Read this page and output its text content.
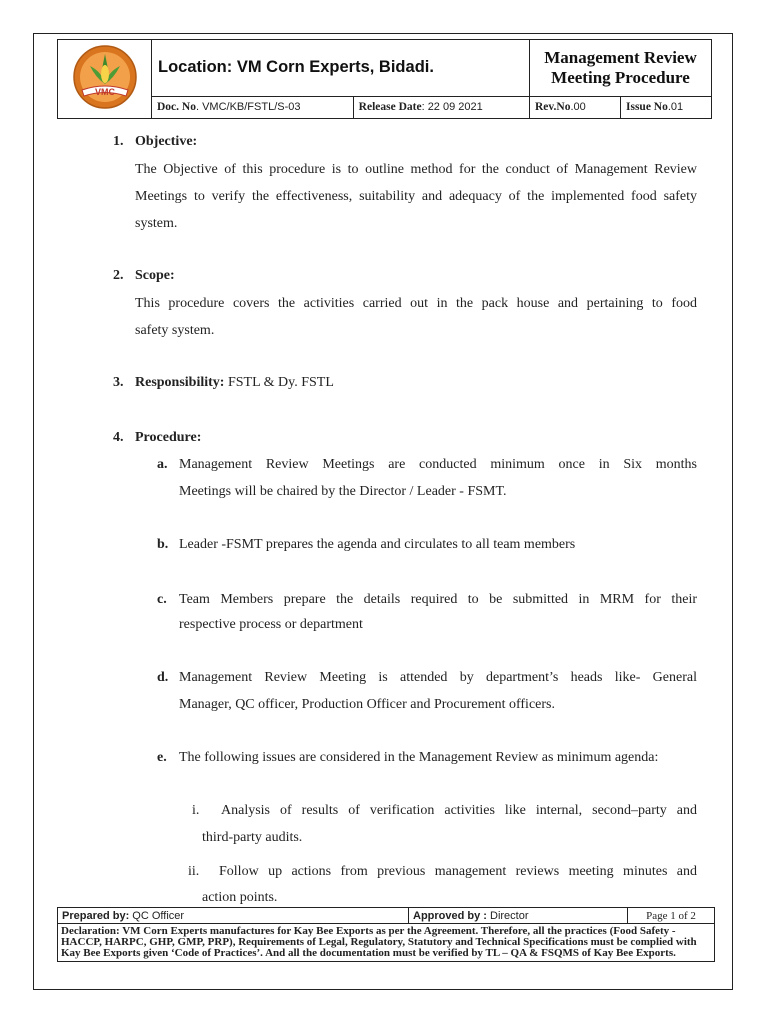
VMC	Location: VM Corn Experts, Bidadi.		Management Review Meeting Procedure	
	Doc. No. VMC/KB/FSTL/S-03	Release Date: 22 09 2021	Rev.No.00	Issue No.01
1. Objective:
The Objective of this procedure is to outline method for the conduct of Management Review
Meetings to verify the effectiveness, suitability and adequacy of the implemented food safety
system.
2. Scope:
This procedure covers the activities carried out in the pack house and pertaining to food
safety system.
3. Responsibility: FSTL & Dy. FSTL
4. Procedure:
a. Management Review Meetings are conducted minimum once in Six months
Meetings will be chaired by the Director / Leader - FSMT.
b. Leader -FSMT prepares the agenda and circulates to all team members
c. Team Members prepare the details required to be submitted in MRM for their
respective process or department
d. Management Review Meeting is attended by department’s heads like- General
Manager, QC officer, Production Officer and Procurement officers.
e. The following issues are considered in the Management Review as minimum agenda:
i. Analysis of results of verification activities like internal, second–party and
third-party audits.
ii. Follow up actions from previous management reviews meeting minutes and
action points.
Prepared by: QC Officer	Approved by : Director	Page 1 of 2
Declaration: VM Corn Experts manufactures for Kay Bee Exports as per the Agreement. Therefore, all the practices (Food Safety - HACCP, HARPC, GHP, GMP, PRP), Requirements of Legal, Regulatory, Statutory and Technical Specifications must be complied with Kay Bee Exports given ‘Code of Practices’. And all the documentation must be verified by TL – QA & FSQMS of Kay Bee Exports.
